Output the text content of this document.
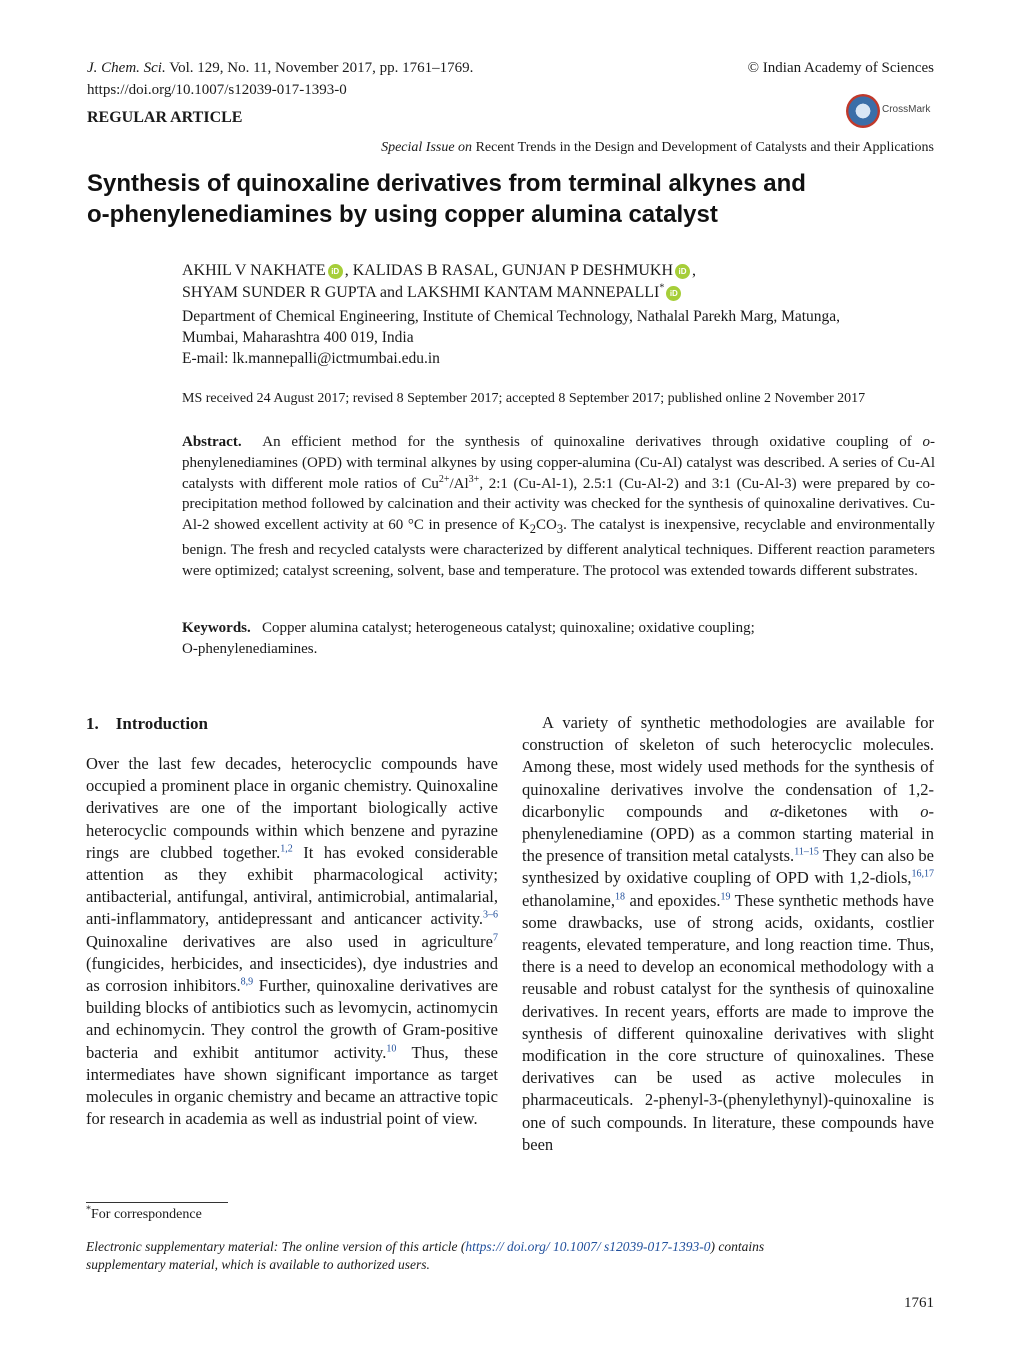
J. Chem. Sci. Vol. 129, No. 11, November 2017, pp. 1761–1769.	© Indian Academy of Sciences
https://doi.org/10.1007/s12039-017-1393-0
REGULAR ARTICLE	CrossMark
Special Issue on Recent Trends in the Design and Development of Catalysts and their Applications
Synthesis of quinoxaline derivatives from terminal alkynes and
o-phenylenediamines by using copper alumina catalyst
AKHIL V NAKHATE iD , KALIDAS B RASAL, GUNJAN P DESHMUKH iD ,
SHYAM SUNDER R GUPTA and LAKSHMI KANTAM MANNEPALLI* iD
Department of Chemical Engineering, Institute of Chemical Technology, Nathalal Parekh Marg, Matunga,
Mumbai, Maharashtra 400 019, India
E-mail: lk.mannepalli@ictmumbai.edu.in
MS received 24 August 2017; revised 8 September 2017; accepted 8 September 2017; published online 2 November 2017
Abstract. An efficient method for the synthesis of quinoxaline derivatives through oxidative coupling of o-phenylenediamines (OPD) with terminal alkynes by using copper-alumina (Cu-Al) catalyst was described. A series of Cu-Al catalysts with different mole ratios of $Cu^{2+}/Al^{3+}$, 2:1 (Cu-Al-1), 2.5:1 (Cu-Al-2) and 3:1 (Cu-Al-3) were prepared by co-precipitation method followed by calcination and their activity was checked for the synthesis of quinoxaline derivatives. Cu-Al-2 showed excellent activity at 60 °C in presence of $K_2CO_3$. The catalyst is inexpensive, recyclable and environmentally benign. The fresh and recycled catalysts were characterized by different analytical techniques. Different reaction parameters were optimized; catalyst screening, solvent, base and temperature. The protocol was extended towards different substrates.
Keywords. Copper alumina catalyst; heterogeneous catalyst; quinoxaline; oxidative coupling;
O-phenylenediamines.
1. Introduction
Over the last few decades, heterocyclic compounds have occupied a prominent place in organic chemistry. Quinoxaline derivatives are one of the important biologically active heterocyclic compounds within which benzene and pyrazine rings are clubbed together.$^{1,2}$ It has evoked considerable attention as they exhibit pharmacological activity; antibacterial, antifungal, antiviral, antimicrobial, antimalarial, anti-inflammatory, antidepressant and anticancer activity.$^{3-6}$ Quinoxaline derivatives are also used in agriculture$^7$ (fungicides, herbicides, and insecticides), dye industries and as corrosion inhibitors.$^{8,9}$ Further, quinoxaline derivatives are building blocks of antibiotics such as levomycin, actinomycin and echinomycin. They control the growth of Gram-positive bacteria and exhibit antitumor activity.$^{10}$ Thus, these intermediates have shown significant importance as target molecules in organic chemistry and became an attractive topic for research in academia as well as industrial point of view.
A variety of synthetic methodologies are available for construction of skeleton of such heterocyclic molecules. Among these, most widely used methods for the synthesis of quinoxaline derivatives involve the condensation of 1,2-dicarbonylic compounds and α-diketones with o-phenylenediamine (OPD) as a common starting material in the presence of transition metal catalysts.$^{11-15}$ They can also be synthesized by oxidative coupling of OPD with 1,2-diols,$^{16,17}$ ethanolamine,$^{18}$ and epoxides.$^{19}$ These synthetic methods have some drawbacks, use of strong acids, oxidants, costlier reagents, elevated temperature, and long reaction time. Thus, there is a need to develop an economical methodology with a reusable and robust catalyst for the synthesis of quinoxaline derivatives. In recent years, efforts are made to improve the synthesis of different quinoxaline derivatives with slight modification in the core structure of quinoxalines. These derivatives can be used as active molecules in pharmaceuticals. 2-phenyl-3-(phenylethynyl)-quinoxaline is one of such compounds. In literature, these compounds have been
*For correspondence
Electronic supplementary material: The online version of this article (https:// doi.org/ 10.1007/ s12039-017-1393-0) contains
supplementary material, which is available to authorized users.
1761
